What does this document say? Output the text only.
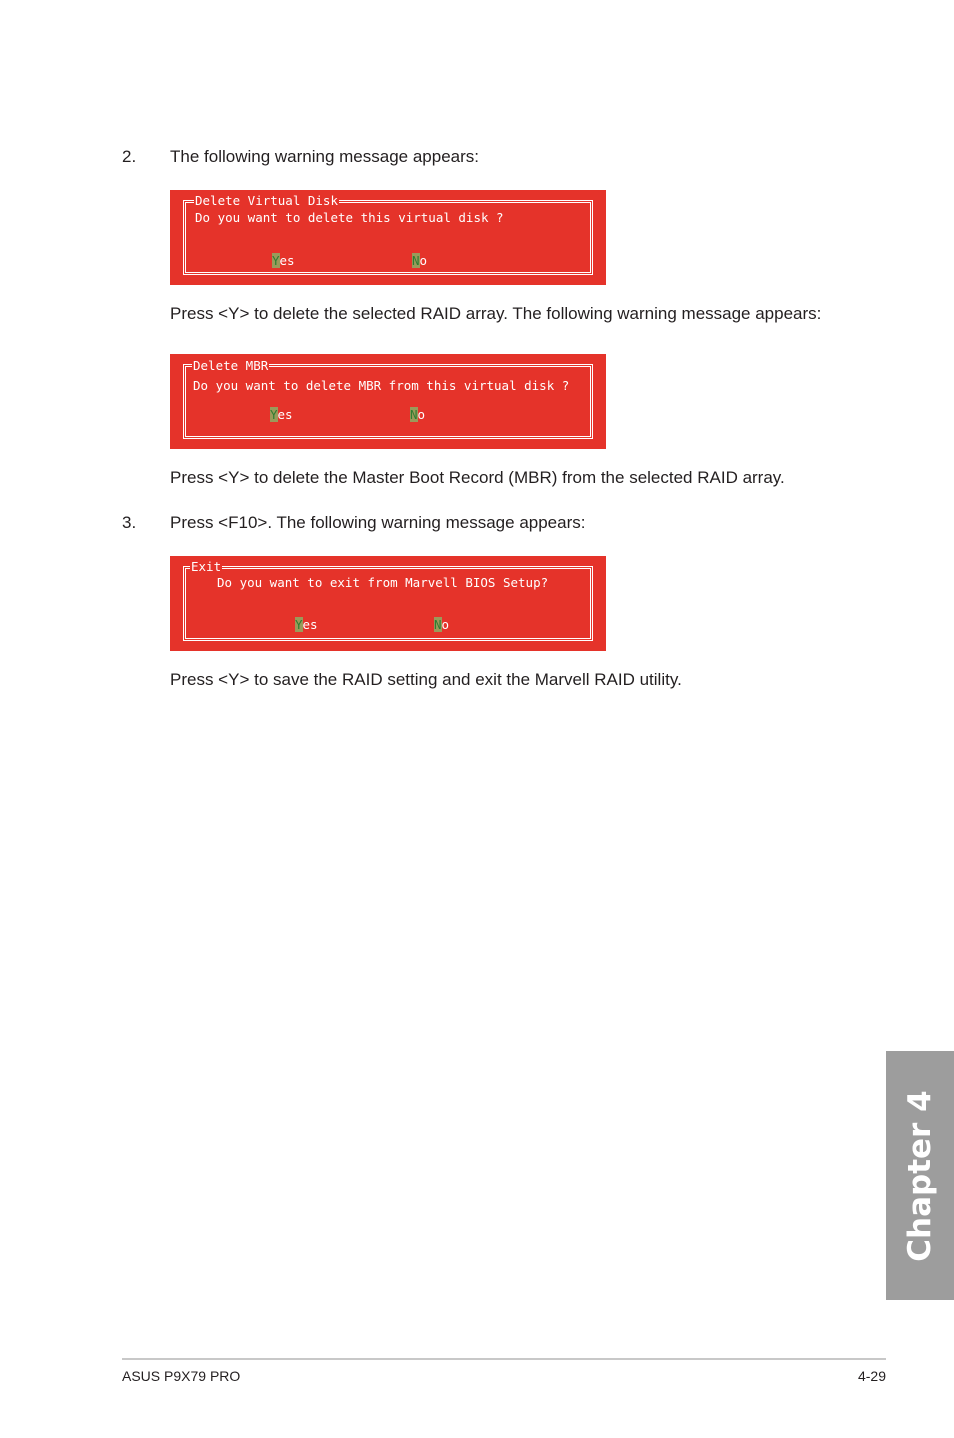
2. The following warning message appears:
Delete Virtual Disk
Do you want to delete this virtual disk ?
Yes	No
Press <Y> to delete the selected RAID array. The following warning message appears:
Delete MBR
Do you want to delete MBR from this virtual disk ?
Yes	No
Press <Y> to delete the Master Boot Record (MBR) from the selected RAID array.
3. Press <F10>. The following warning message appears:
Exit
Do you want to exit from Marvell BIOS Setup?
Yes	No
Press <Y> to save the RAID setting and exit the Marvell RAID utility.
Chapter 4
ASUS P9X79 PRO	4-29
